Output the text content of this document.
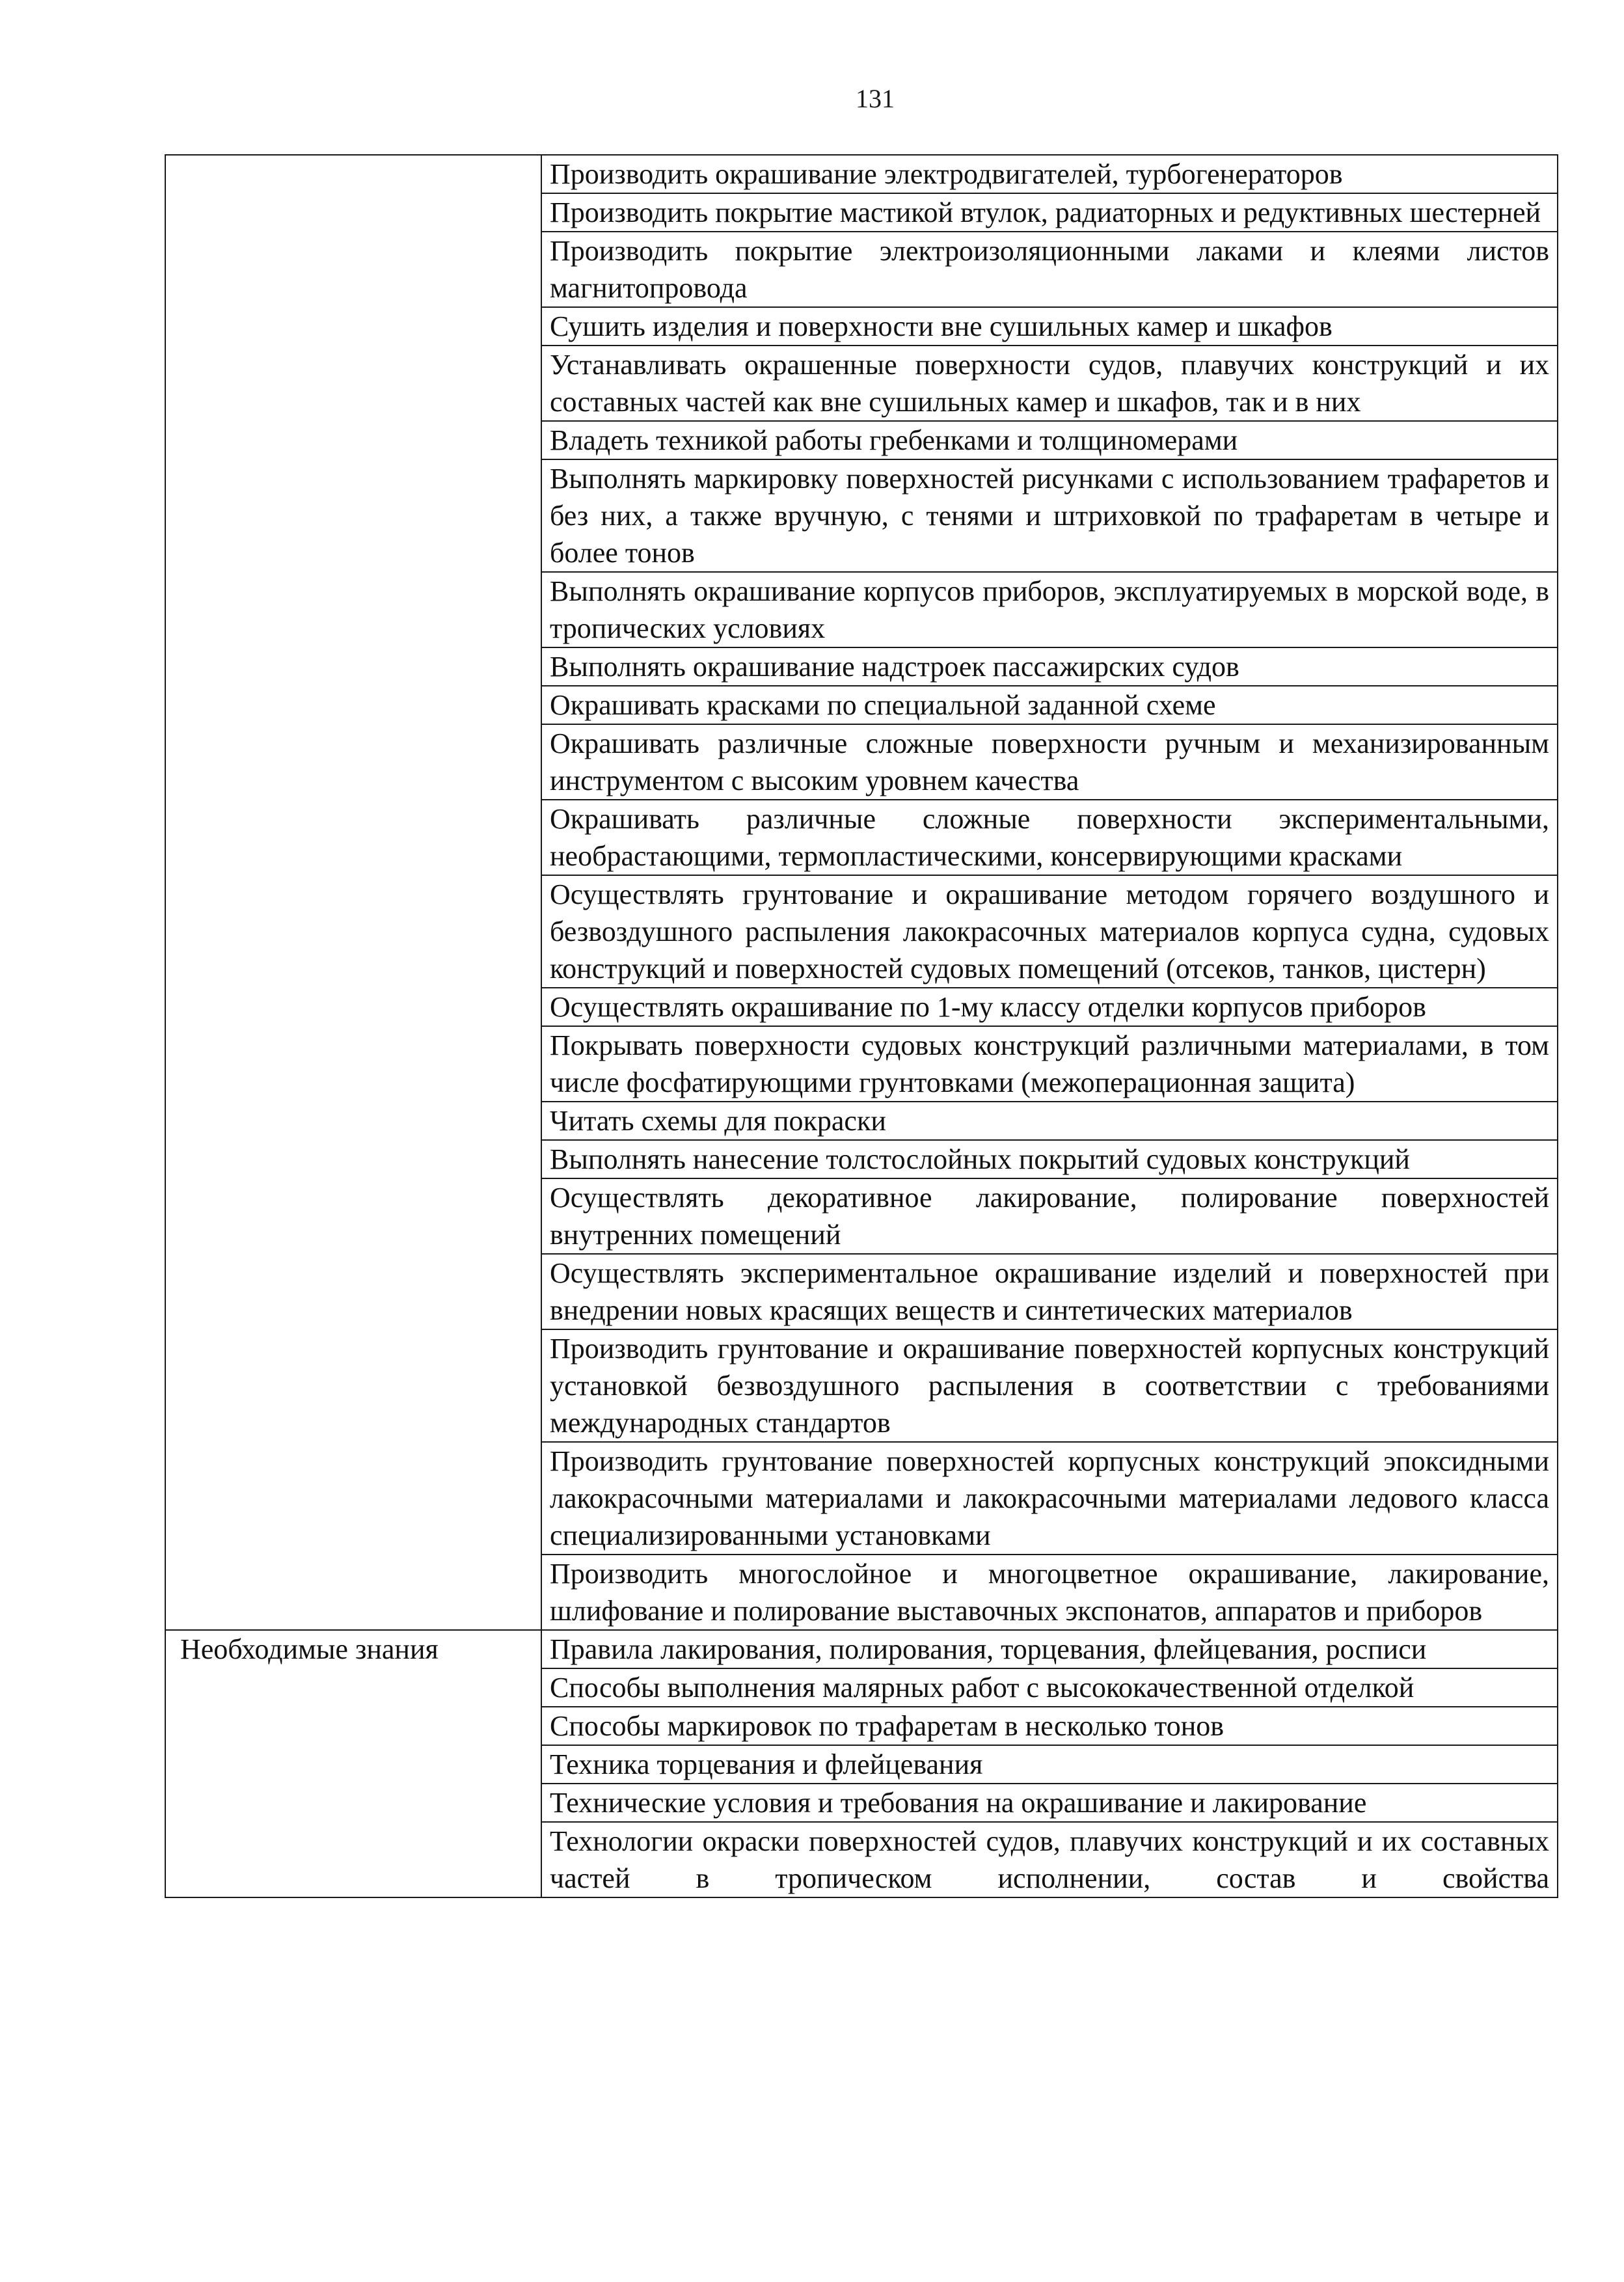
131
	Производить окрашивание электродвигателей, турбогенераторов
	Производить покрытие мастикой втулок, радиаторных и редуктивных шестерней
	Производить покрытие электроизоляционными лаками и клеями листов магнитопровода
	Сушить изделия и поверхности вне сушильных камер и шкафов
	Устанавливать окрашенные поверхности судов, плавучих конструкций и их составных частей как вне сушильных камер и шкафов, так и в них
	Владеть техникой работы гребенками и толщиномерами
	Выполнять маркировку поверхностей рисунками с использованием трафаретов и без них, а также вручную, с тенями и штриховкой по трафаретам в четыре и более тонов
	Выполнять окрашивание корпусов приборов, эксплуатируемых в морской воде, в тропических условиях
	Выполнять окрашивание надстроек пассажирских судов
	Окрашивать красками по специальной заданной схеме
	Окрашивать различные сложные поверхности ручным и механизированным инструментом с высоким уровнем качества
	Окрашивать различные сложные поверхности экспериментальными, необрастающими, термопластическими, консервирующими красками
	Осуществлять грунтование и окрашивание методом горячего воздушного и безвоздушного распыления лакокрасочных материалов корпуса судна, судовых конструкций и поверхностей судовых помещений (отсеков, танков, цистерн)
	Осуществлять окрашивание по 1-му классу отделки корпусов приборов
	Покрывать поверхности судовых конструкций различными материалами, в том числе фосфатирующими грунтовками (межоперационная защита)
	Читать схемы для покраски
	Выполнять нанесение толстослойных покрытий судовых конструкций
	Осуществлять декоративное лакирование, полирование поверхностей внутренних помещений
	Осуществлять экспериментальное окрашивание изделий и поверхностей при внедрении новых красящих веществ и синтетических материалов
	Производить грунтование и окрашивание поверхностей корпусных конструкций установкой безвоздушного распыления в соответствии с требованиями международных стандартов
	Производить грунтование поверхностей корпусных конструкций эпоксидными лакокрасочными материалами и лакокрасочными материалами ледового класса специализированными установками
	Производить многослойное и многоцветное окрашивание, лакирование, шлифование и полирование выставочных экспонатов, аппаратов и приборов
Необходимые знания	Правила лакирования, полирования, торцевания, флейцевания, росписи
	Способы выполнения малярных работ с высококачественной отделкой
	Способы маркировок по трафаретам в несколько тонов
	Техника торцевания и флейцевания
	Технические условия и требования на окрашивание и лакирование
	Технологии окраски поверхностей судов, плавучих конструкций и их составных частей в тропическом исполнении, состав и свойства
